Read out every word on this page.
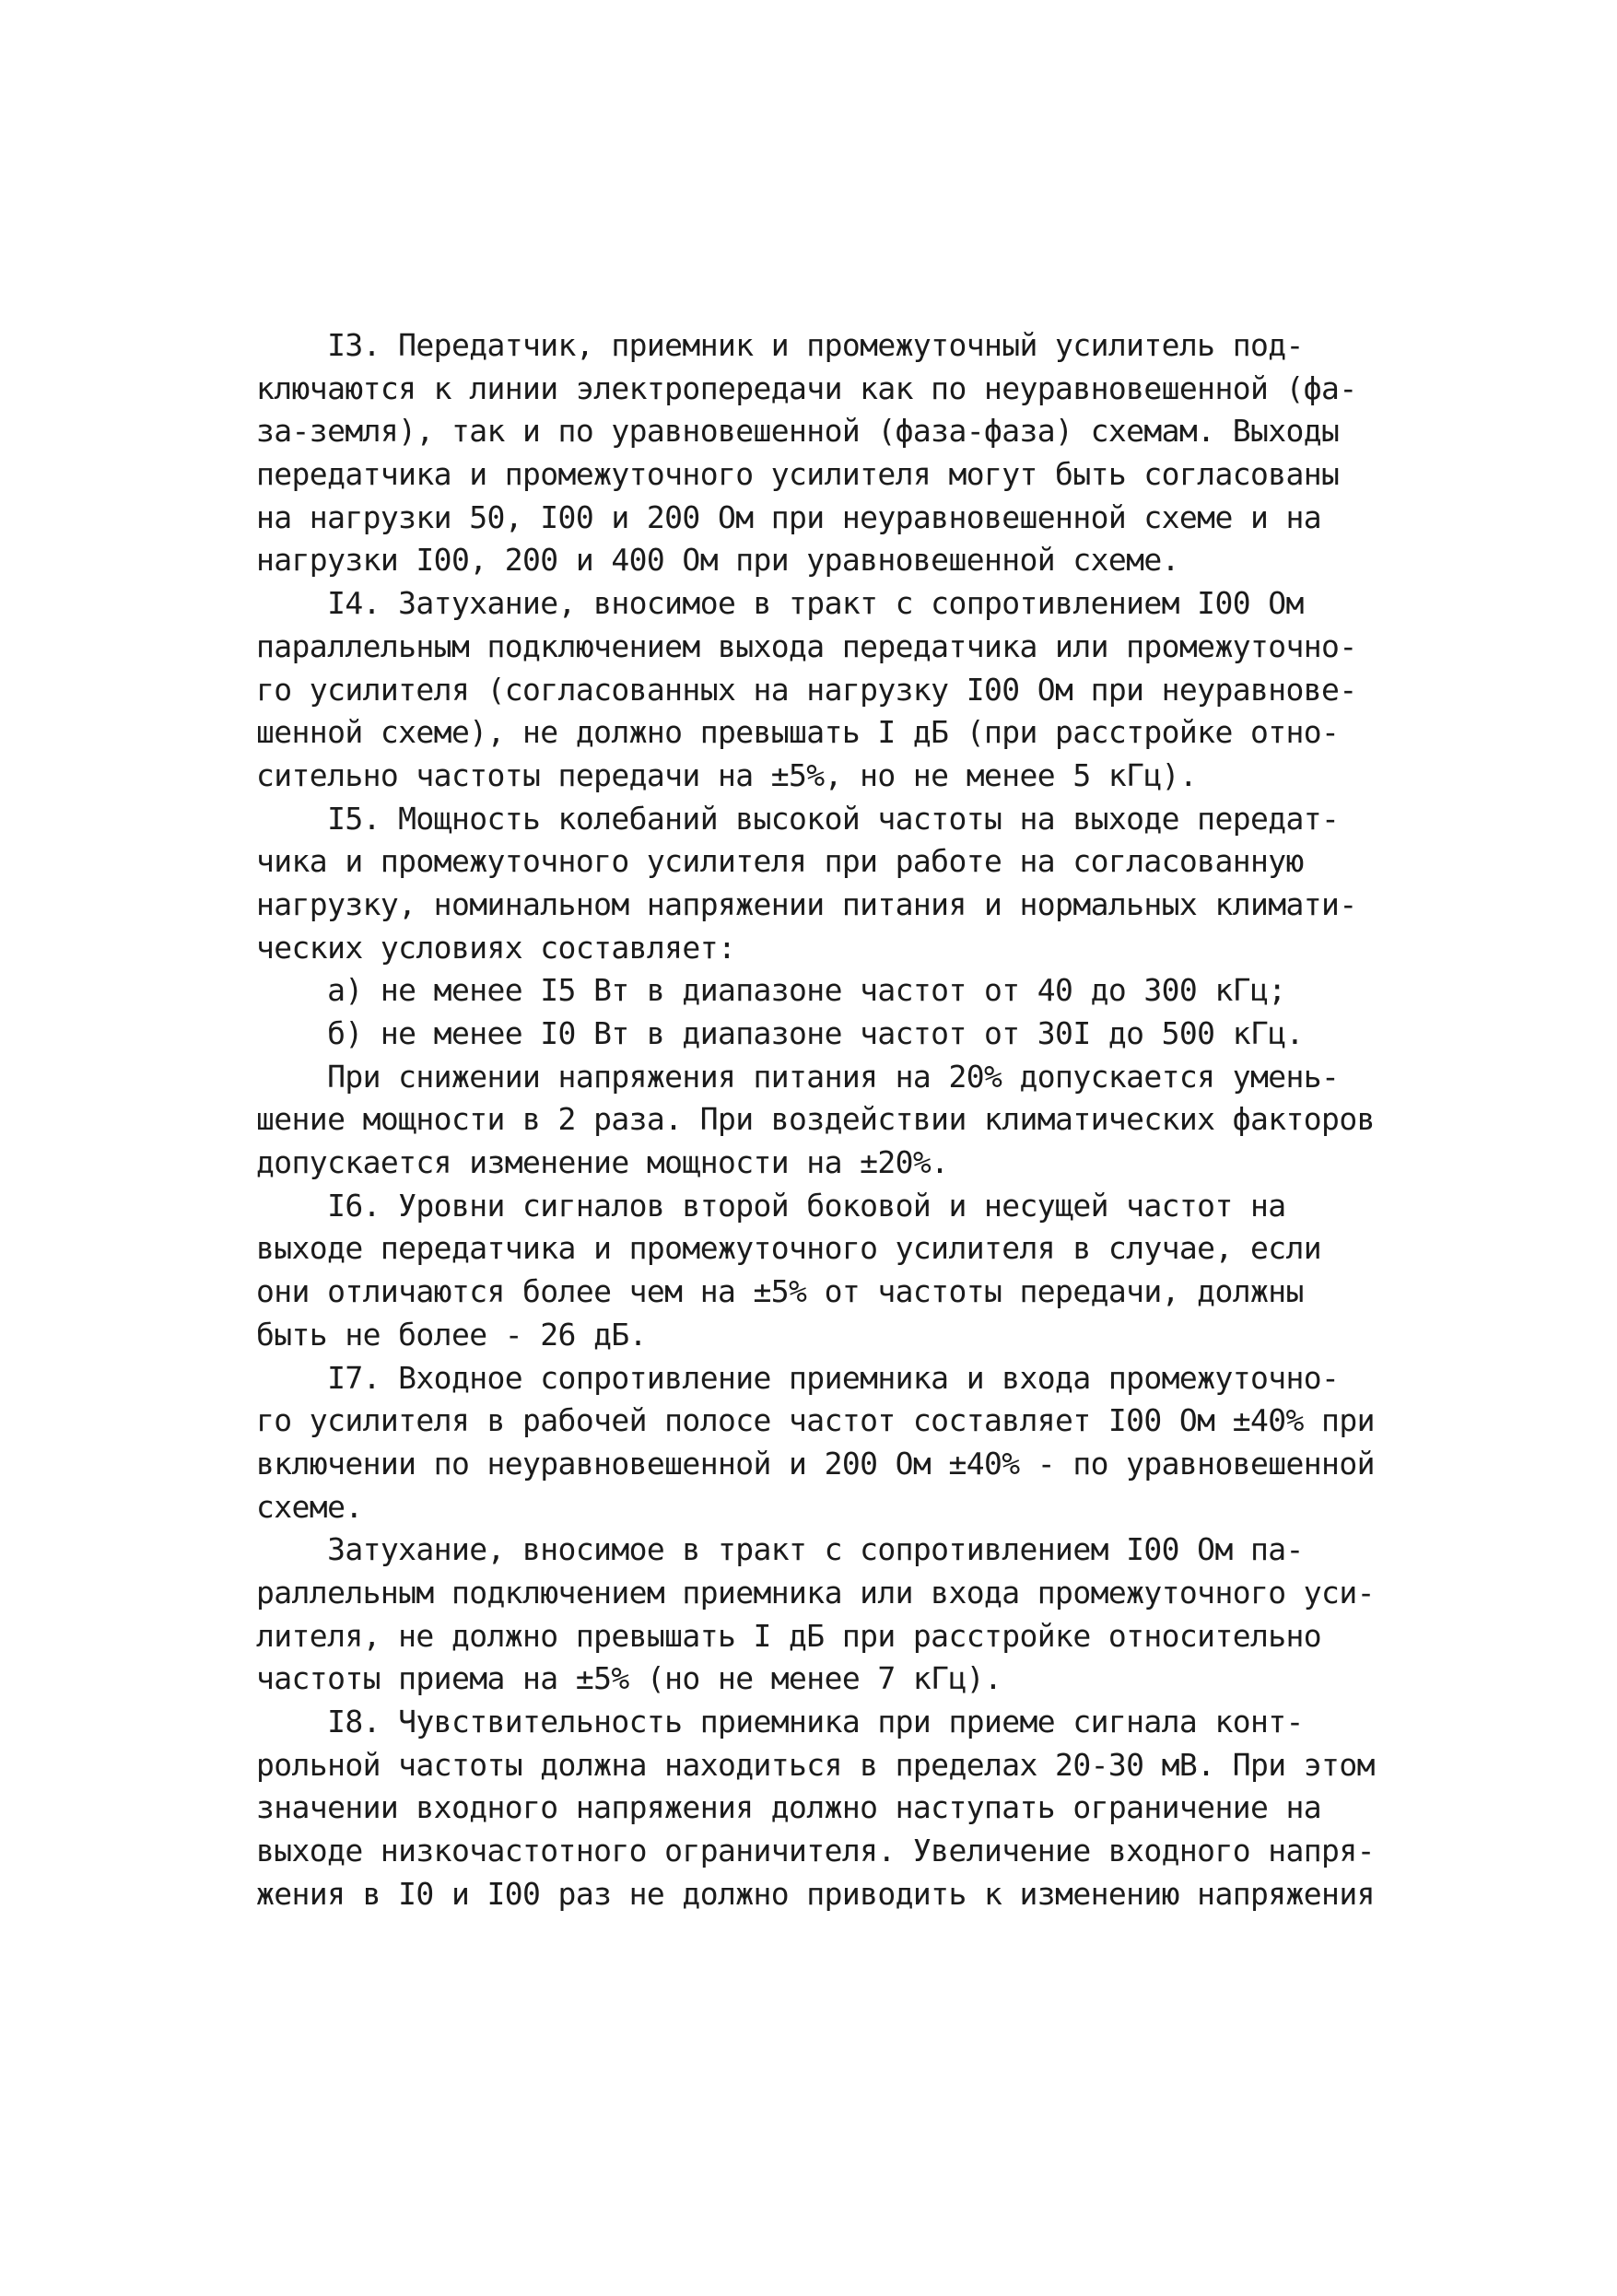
I3. Передатчик, приемник и промежуточный усилитель под-
ключаются к линии электропередачи как по неуравновешенной (фа-
за-земля), так и по уравновешенной (фаза-фаза) схемам. Выходы
передатчика и промежуточного усилителя могут быть согласованы
на нагрузки 50, I00 и 200 Ом при неуравновешенной схеме и на
нагрузки I00, 200 и 400 Ом при уравновешенной схеме.
I4. Затухание, вносимое в тракт с сопротивлением I00 Ом
параллельным подключением выхода передатчика или промежуточно-
го усилителя (согласованных на нагрузку I00 Ом при неуравнове-
шенной схеме), не должно превышать I дБ (при расстройке отно-
сительно частоты передачи на ±5%, но не менее 5 кГц).
I5. Мощность колебаний высокой частоты на выходе передат-
чика и промежуточного усилителя при работе на согласованную
нагрузку, номинальном напряжении питания и нормальных климати-
ческих условиях составляет:
а) не менее I5 Вт в диапазоне частот от 40 до 300 кГц;
б) не менее I0 Вт в диапазоне частот от 30I до 500 кГц.
При снижении напряжения питания на 20% допускается умень-
шение мощности в 2 раза. При воздействии климатических факторов
допускается изменение мощности на ±20%.
I6. Уровни сигналов второй боковой и несущей частот на
выходе передатчика и промежуточного усилителя в случае, если
они отличаются более чем на ±5% от частоты передачи, должны
быть не более - 26 дБ.
I7. Входное сопротивление приемника и входа промежуточно-
го усилителя в рабочей полосе частот составляет I00 Ом ±40% при
включении по неуравновешенной и 200 Ом ±40% - по уравновешенной
схеме.
Затухание, вносимое в тракт с сопротивлением I00 Ом па-
раллельным подключением приемника или входа промежуточного уси-
лителя, не должно превышать I дБ при расстройке относительно
частоты приема на ±5% (но не менее 7 кГц).
I8. Чувствительность приемника при приеме сигнала конт-
рольной частоты должна находиться в пределах 20-30 мВ. При этом
значении входного напряжения должно наступать ограничение на
выходе низкочастотного ограничителя. Увеличение входного напря-
жения в I0 и I00 раз не должно приводить к изменению напряжения
